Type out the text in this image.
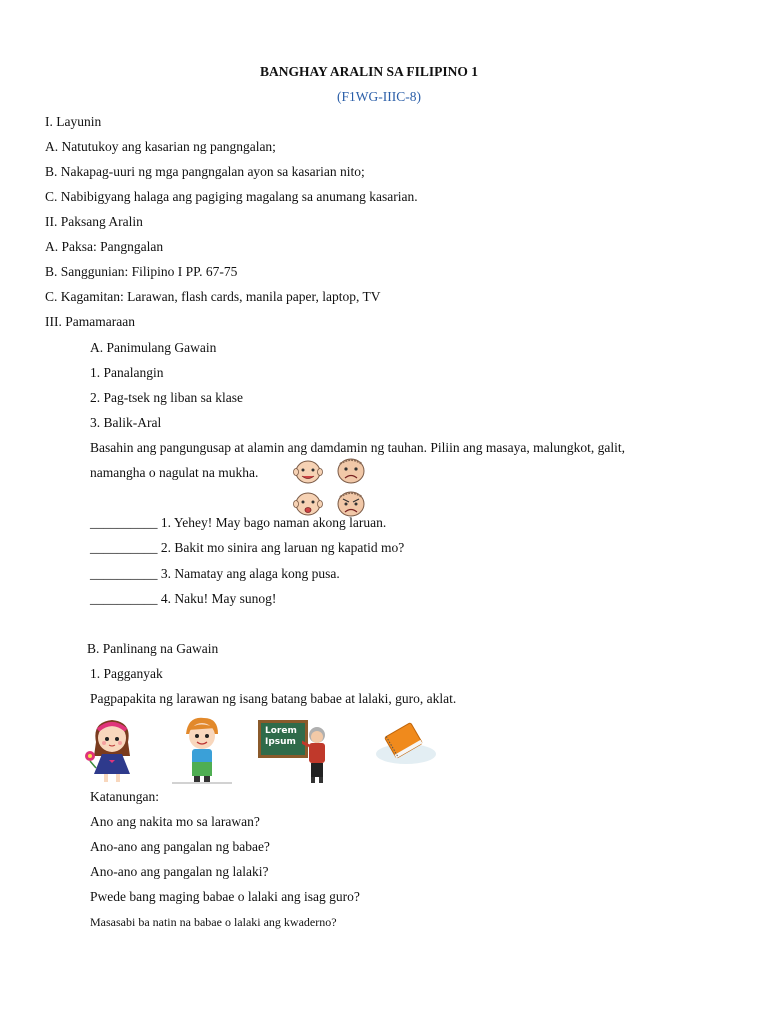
BANGHAY ARALIN SA FILIPINO 1
(F1WG-IIIC-8)
I. Layunin
A. Natutukoy ang kasarian ng pangngalan;
B. Nakapag-uuri ng mga pangngalan ayon sa kasarian nito;
C. Nabibigyang halaga ang pagiging magalang sa anumang kasarian.
II. Paksang Aralin
A. Paksa: Pangngalan
B. Sanggunian: Filipino I PP. 67-75
C. Kagamitan: Larawan, flash cards, manila paper, laptop, TV
III. Pamamaraan
A. Panimulang Gawain
1. Panalangin
2. Pag-tsek ng liban sa klase
3. Balik-Aral
Basahin ang pangungusap at alamin ang damdamin ng tauhan. Piliin ang masaya, malungkot, galit,
namangha o nagulat na mukha.
__________ 1. Yehey! May bago naman akong laruan.
__________ 2. Bakit mo sinira ang laruan ng kapatid mo?
__________ 3. Namatay ang alaga kong pusa.
__________ 4. Naku! May sunog!
B. Panlinang na Gawain
1. Pagganyak
Pagpapakita ng larawan ng isang batang babae at lalaki, guro, aklat.
Lorem
Ipsum
Katanungan:
Ano ang nakita mo sa larawan?
Ano-ano ang pangalan ng babae?
Ano-ano ang pangalan ng lalaki?
Pwede bang maging babae o lalaki ang isag guro?
Masasabi ba natin na babae o lalaki ang kwaderno?
